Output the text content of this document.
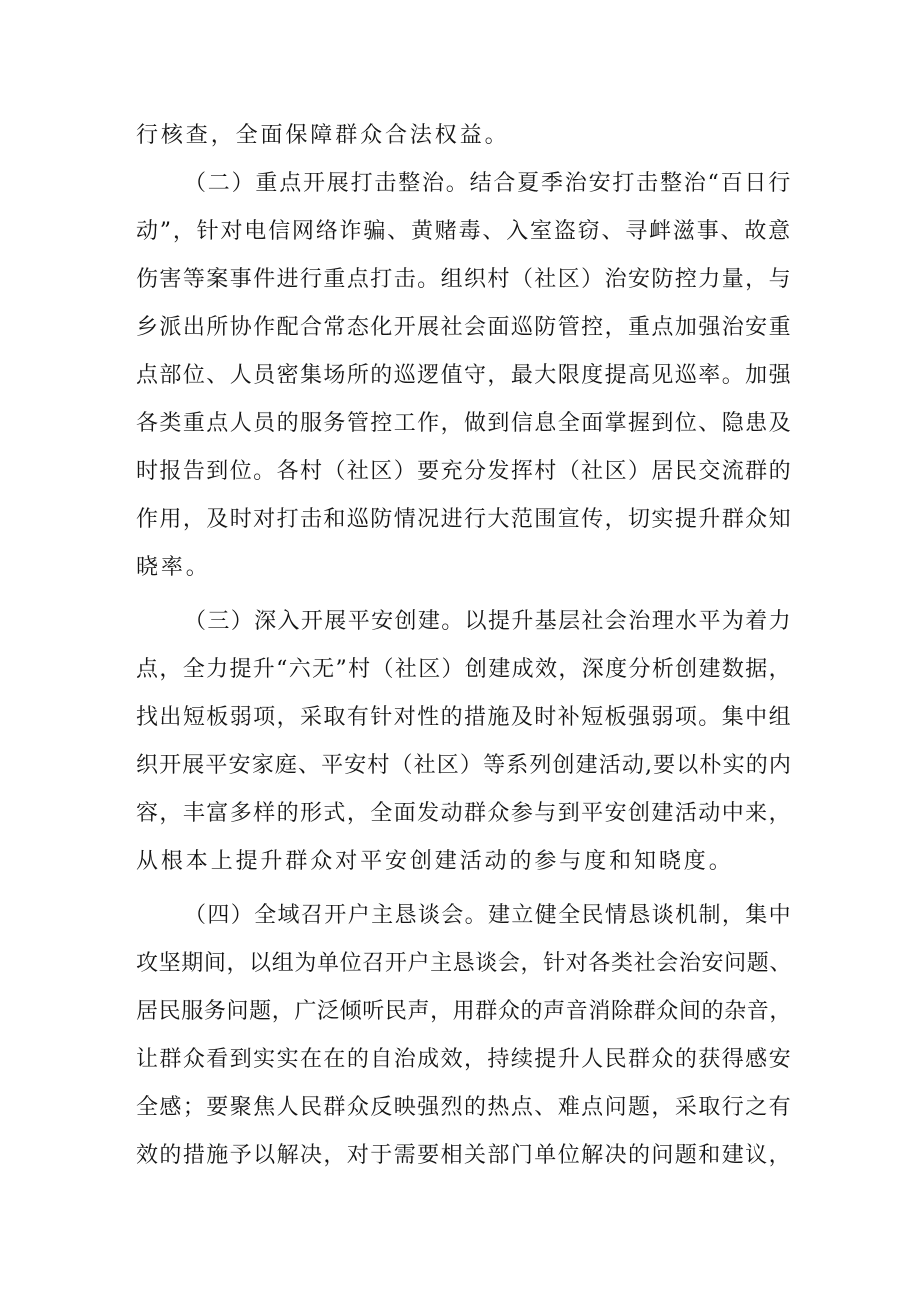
行核查，全面保障群众合法权益。
（二）重点开展打击整治。结合夏季治安打击整治“百日行
动”，针对电信网络诈骗、黄赌毒、入室盗窃、寻衅滋事、故意
伤害等案事件进行重点打击。组织村（社区）治安防控力量，与
乡派出所协作配合常态化开展社会面巡防管控，重点加强治安重
点部位、人员密集场所的巡逻值守，最大限度提高见巡率。加强
各类重点人员的服务管控工作，做到信息全面掌握到位、隐患及
时报告到位。各村（社区）要充分发挥村（社区）居民交流群的
作用，及时对打击和巡防情况进行大范围宣传，切实提升群众知
晓率。
（三）深入开展平安创建。以提升基层社会治理水平为着力
点，全力提升“六无”村（社区）创建成效，深度分析创建数据，
找出短板弱项，采取有针对性的措施及时补短板强弱项。集中组
织开展平安家庭、平安村（社区）等系列创建活动,要以朴实的内
容，丰富多样的形式，全面发动群众参与到平安创建活动中来，
从根本上提升群众对平安创建活动的参与度和知晓度。
（四）全域召开户主恳谈会。建立健全民情恳谈机制，集中
攻坚期间，以组为单位召开户主恳谈会，针对各类社会治安问题、
居民服务问题，广泛倾听民声，用群众的声音消除群众间的杂音，
让群众看到实实在在的自治成效，持续提升人民群众的获得感安
全感；要聚焦人民群众反映强烈的热点、难点问题，采取行之有
效的措施予以解决，对于需要相关部门单位解决的问题和建议，
